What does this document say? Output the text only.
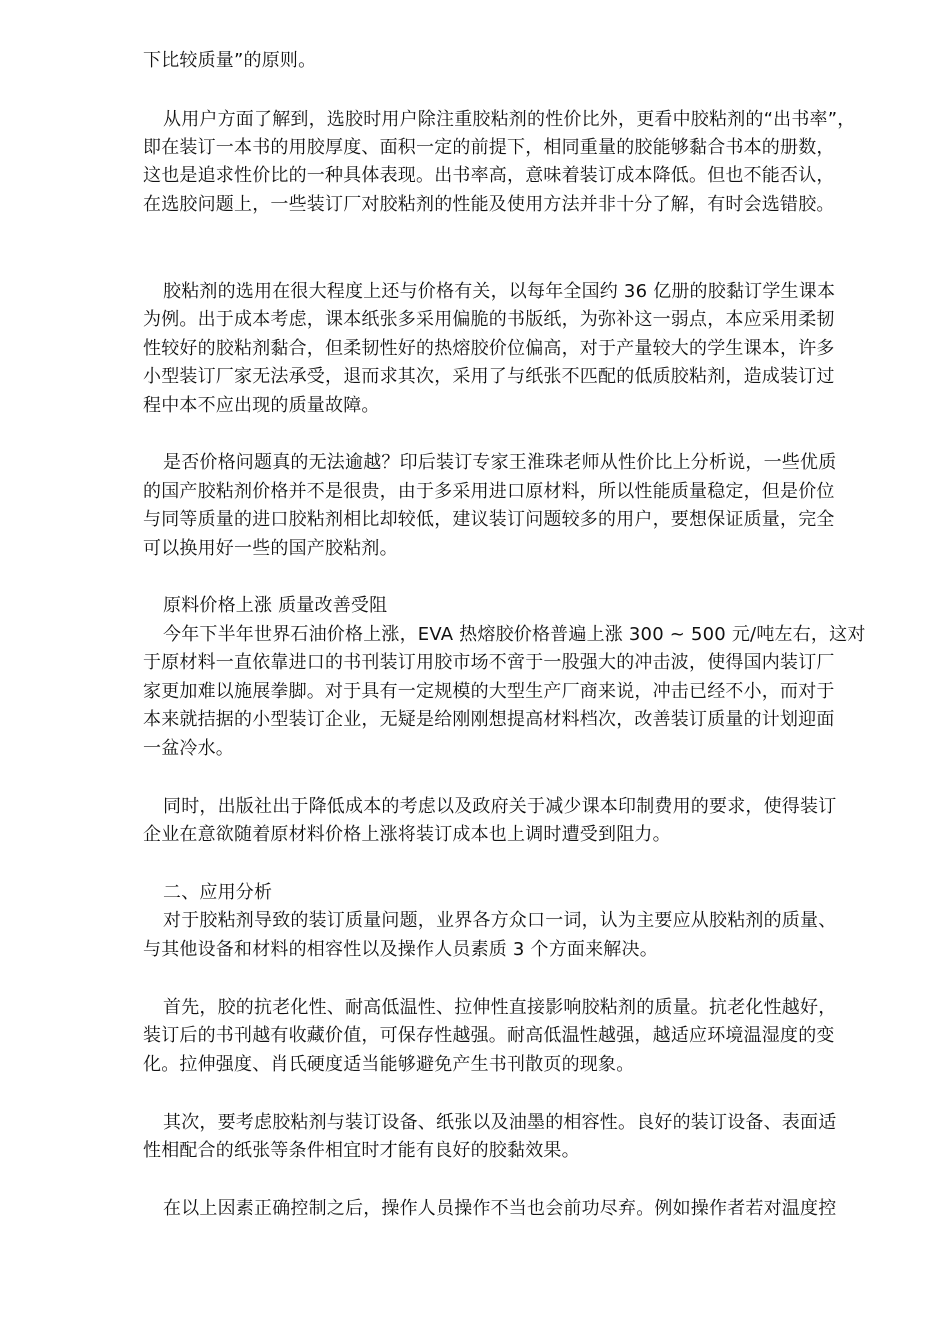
下比较质量”的原则。
从用户方面了解到，选胶时用户除注重胶粘剂的性价比外，更看中胶粘剂的“出书率”，
即在装订一本书的用胶厚度、面积一定的前提下，相同重量的胶能够黏合书本的册数，
这也是追求性价比的一种具体表现。出书率高，意味着装订成本降低。但也不能否认，
在选胶问题上，一些装订厂对胶粘剂的性能及使用方法并非十分了解，有时会选错胶。
胶粘剂的选用在很大程度上还与价格有关，以每年全国约 36 亿册的胶黏订学生课本
为例。出于成本考虑，课本纸张多采用偏脆的书版纸，为弥补这一弱点，本应采用柔韧
性较好的胶粘剂黏合，但柔韧性好的热熔胶价位偏高，对于产量较大的学生课本，许多
小型装订厂家无法承受，退而求其次，采用了与纸张不匹配的低质胶粘剂，造成装订过
程中本不应出现的质量故障。
是否价格问题真的无法逾越？印后装订专家王淮珠老师从性价比上分析说，一些优质
的国产胶粘剂价格并不是很贵，由于多采用进口原材料，所以性能质量稳定，但是价位
与同等质量的进口胶粘剂相比却较低，建议装订问题较多的用户，要想保证质量，完全
可以换用好一些的国产胶粘剂。
原料价格上涨 质量改善受阻
今年下半年世界石油价格上涨，EVA 热熔胶价格普遍上涨 300 ~ 500 元/吨左右，这对
于原材料一直依靠进口的书刊装订用胶市场不啻于一股强大的冲击波，使得国内装订厂
家更加难以施展拳脚。对于具有一定规模的大型生产厂商来说，冲击已经不小，而对于
本来就拮据的小型装订企业，无疑是给刚刚想提高材料档次，改善装订质量的计划迎面
一盆冷水。
同时，出版社出于降低成本的考虑以及政府关于减少课本印制费用的要求，使得装订
企业在意欲随着原材料价格上涨将装订成本也上调时遭受到阻力。
二、应用分析
对于胶粘剂导致的装订质量问题，业界各方众口一词，认为主要应从胶粘剂的质量、
与其他设备和材料的相容性以及操作人员素质 3 个方面来解决。
首先，胶的抗老化性、耐高低温性、拉伸性直接影响胶粘剂的质量。抗老化性越好，
装订后的书刊越有收藏价值，可保存性越强。耐高低温性越强，越适应环境温湿度的变
化。拉伸强度、肖氏硬度适当能够避免产生书刊散页的现象。
其次，要考虑胶粘剂与装订设备、纸张以及油墨的相容性。良好的装订设备、表面适
性相配合的纸张等条件相宜时才能有良好的胶黏效果。
在以上因素正确控制之后，操作人员操作不当也会前功尽弃。例如操作者若对温度控
